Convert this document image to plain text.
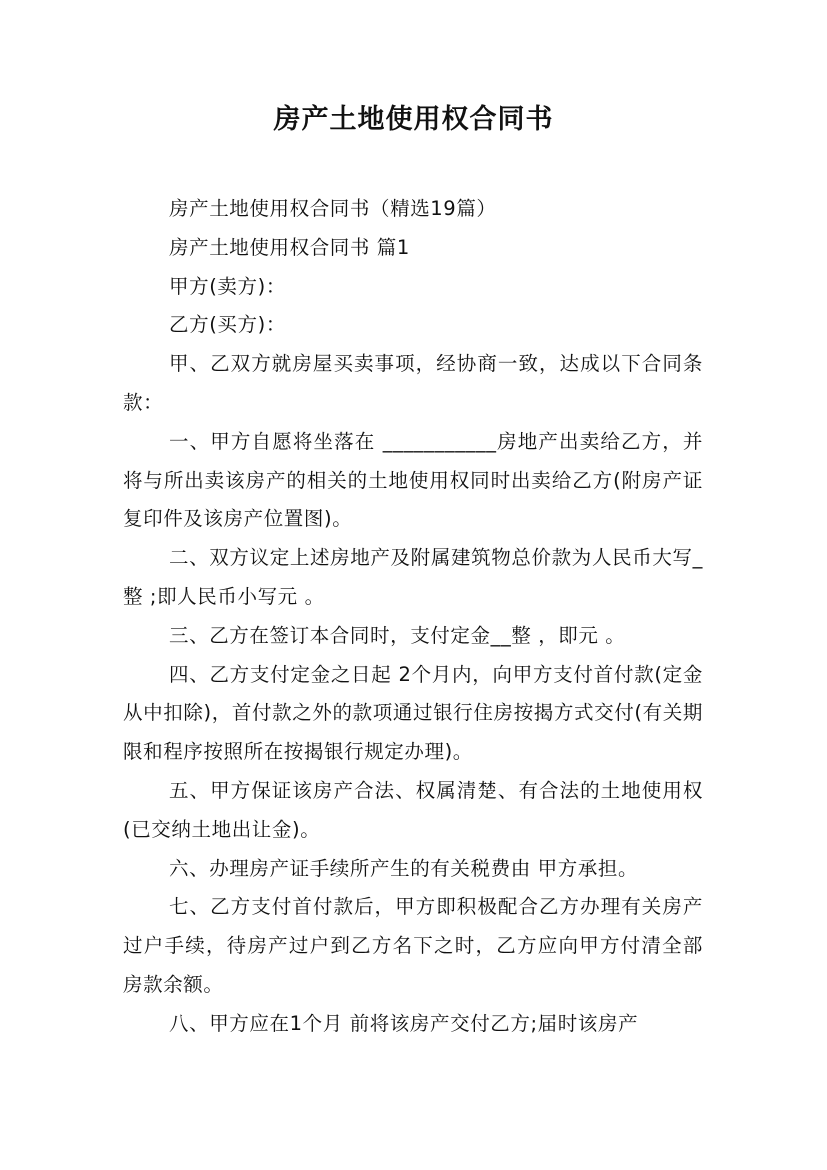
房产土地使用权合同书

房产土地使用权合同书（精选19篇）

房产土地使用权合同书 篇1

甲方(卖方)：

乙方(买方)：

甲、乙双方就房屋买卖事项，经协商一致，达成以下合同条款：

一、甲方自愿将坐落在 ___________房地产出卖给乙方，并将与所出卖该房产的相关的土地使用权同时出卖给乙方(附房产证复印件及该房产位置图)。

二、双方议定上述房地产及附属建筑物总价款为人民币大写_整 ;即人民币小写元 。

三、乙方在签订本合同时，支付定金__整 ，即元 。

四、乙方支付定金之日起 2个月内，向甲方支付首付款(定金从中扣除)，首付款之外的款项通过银行住房按揭方式交付(有关期限和程序按照所在按揭银行规定办理)。

五、甲方保证该房产合法、权属清楚、有合法的土地使用权(已交纳土地出让金)。

六、办理房产证手续所产生的有关税费由 甲方承担。

七、乙方支付首付款后，甲方即积极配合乙方办理有关房产过户手续，待房产过户到乙方名下之时，乙方应向甲方付清全部房款余额。

八、甲方应在1个月 前将该房产交付乙方;届时该房产
